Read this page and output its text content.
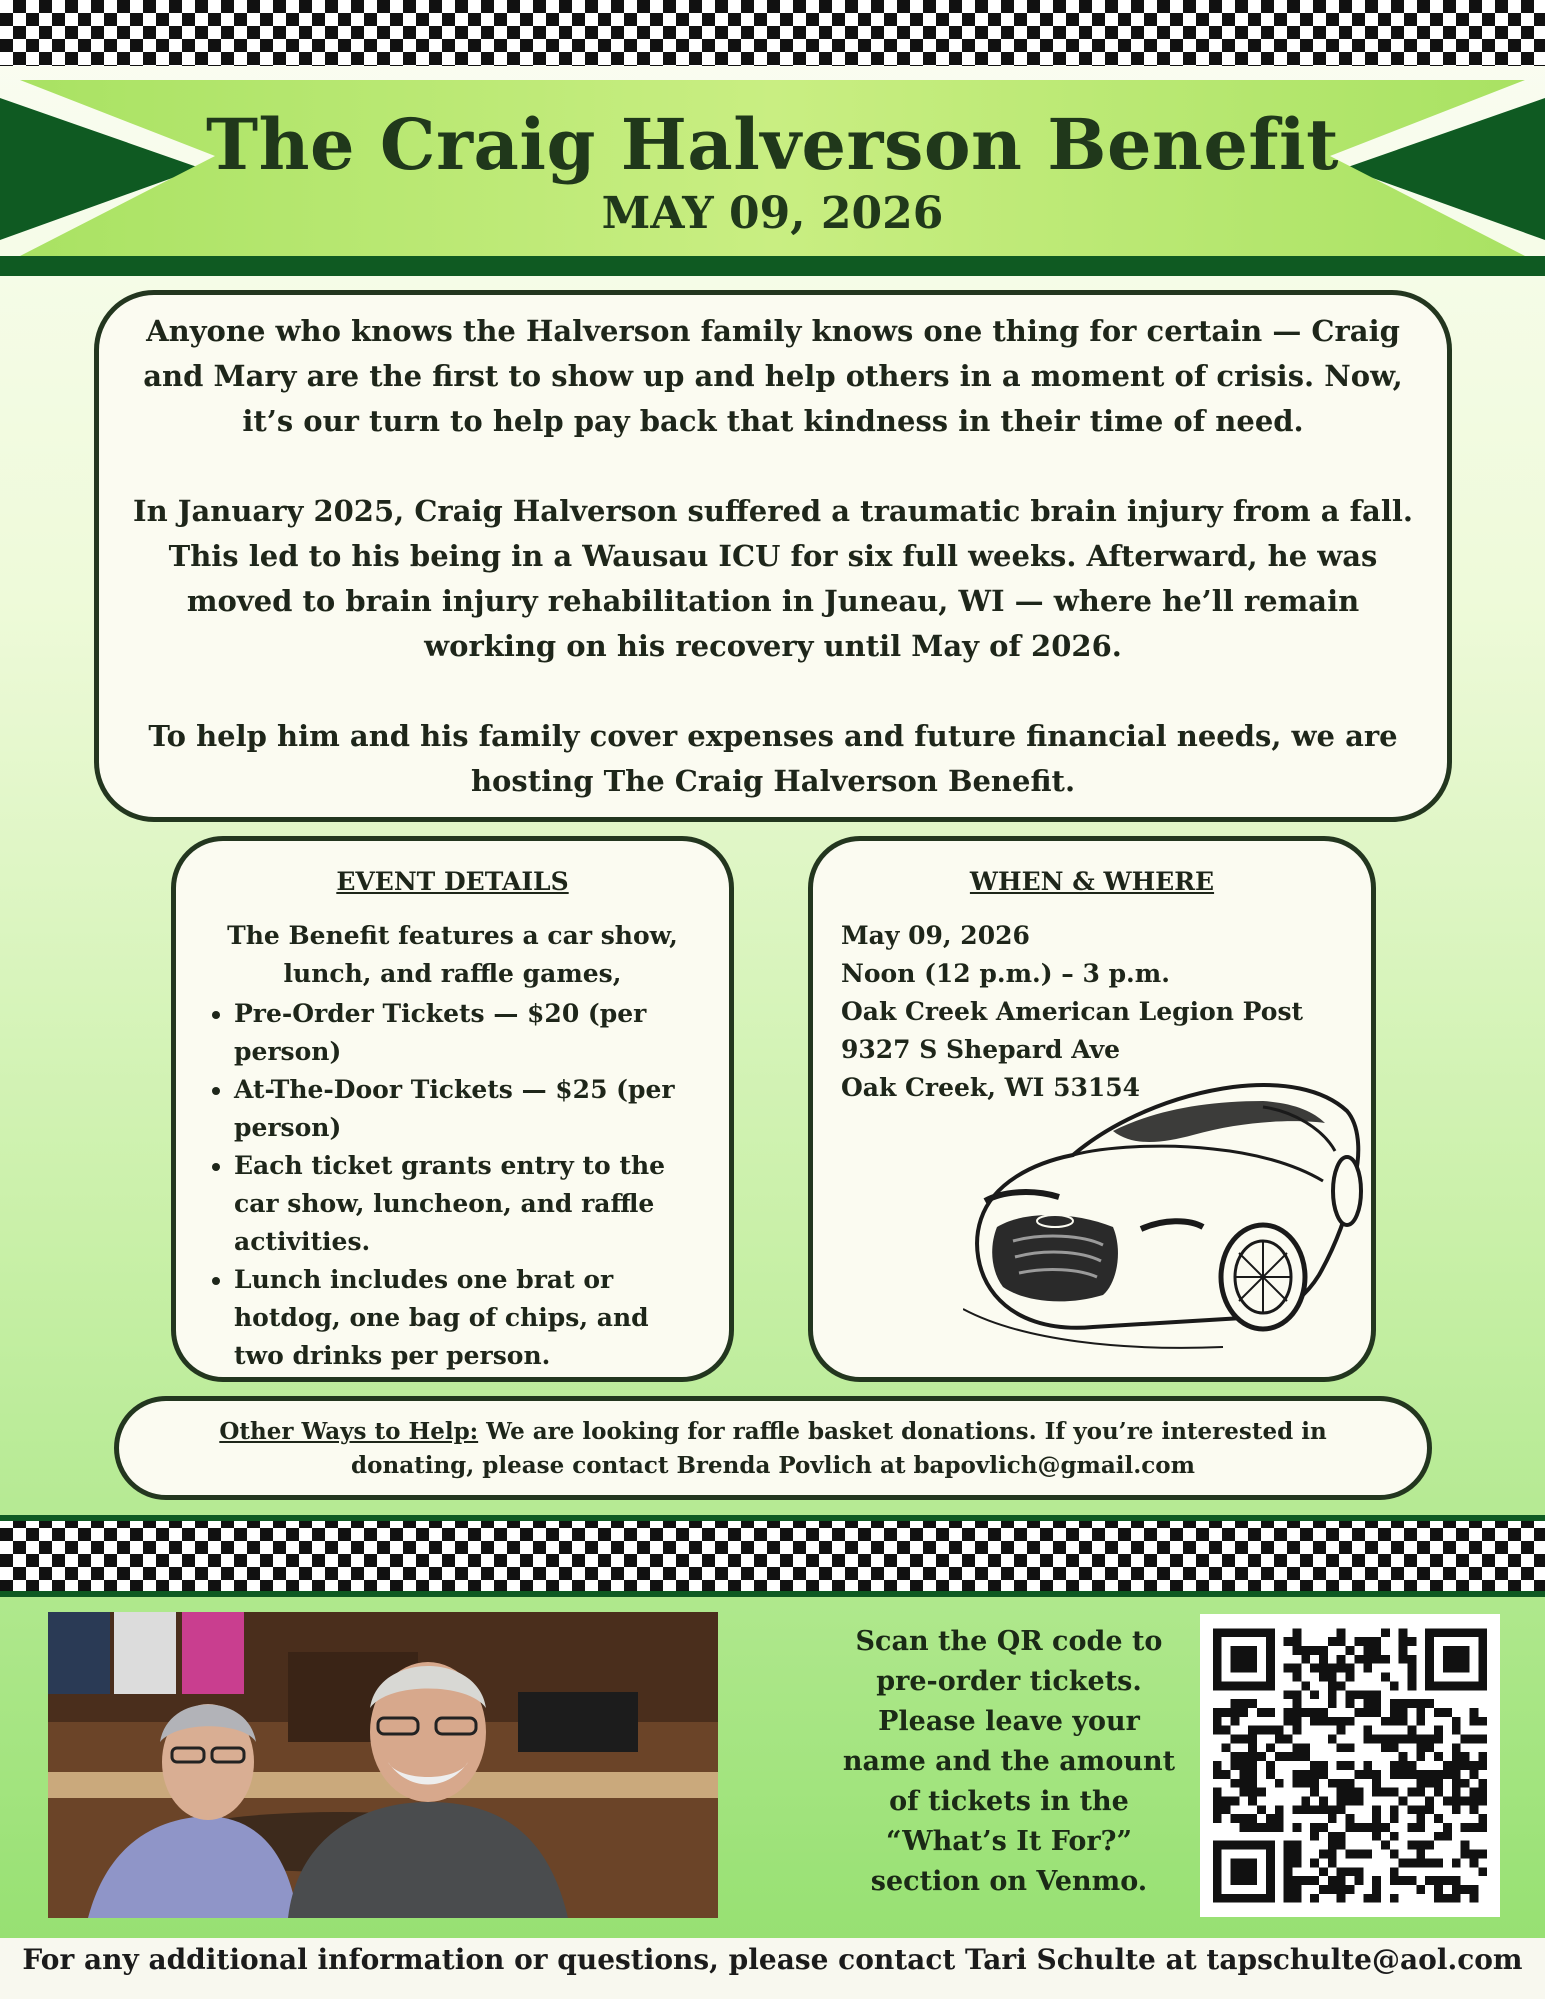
The Craig Halverson Benefit
MAY 09, 2026

Anyone who knows the Halverson family knows one thing for certain — Craig and Mary are the first to show up and help others in a moment of crisis. Now, it’s our turn to help pay back that kindness in their time of need.

In January 2025, Craig Halverson suffered a traumatic brain injury from a fall. This led to his being in a Wausau ICU for six full weeks. Afterward, he was moved to brain injury rehabilitation in Juneau, WI — where he’ll remain working on his recovery until May of 2026.

To help him and his family cover expenses and future financial needs, we are hosting The Craig Halverson Benefit.

EVENT DETAILS
The Benefit features a car show, lunch, and raffle games,
• Pre-Order Tickets — $20 (per person)
• At-The-Door Tickets — $25 (per person)
• Each ticket grants entry to the car show, luncheon, and raffle activities.
• Lunch includes one brat or hotdog, one bag of chips, and two drinks per person.
WHEN & WHERE
May 09, 2026
Noon (12 p.m.) – 3 p.m.
Oak Creek American Legion Post
9327 S Shepard Ave
Oak Creek, WI 53154
Other Ways to Help: We are looking for raffle basket donations. If you’re interested in donating, please contact Brenda Povlich at bapovlich@gmail.com
Scan the QR code to pre-order tickets. Please leave your name and the amount of tickets in the “What’s It For?” section on Venmo.
For any additional information or questions, please contact Tari Schulte at tapschulte@aol.com
